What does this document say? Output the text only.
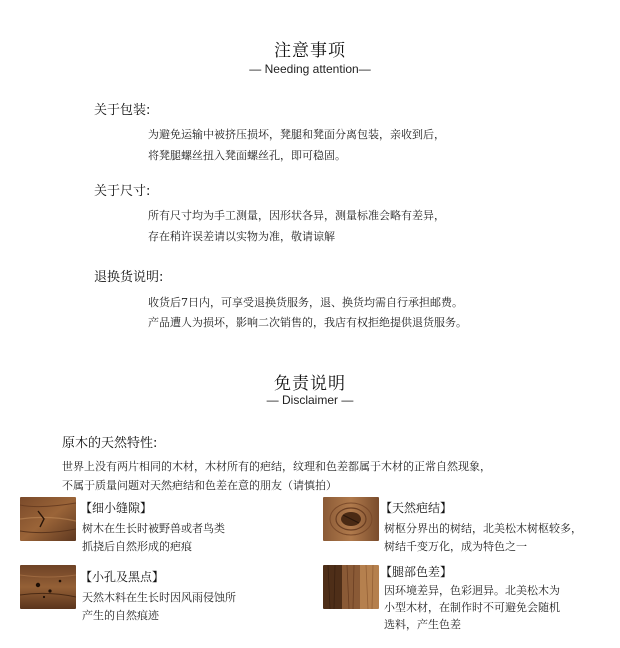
注意事项
— Needing attention—
关于包装:
为避免运输中被挤压损坏，凳腿和凳面分离包装，亲收到后，
将凳腿螺丝扭入凳面螺丝孔，即可稳固。
关于尺寸:
所有尺寸均为手工测量，因形状各异，测量标准会略有差异，
存在稍许误差请以实物为准，敬请谅解
退换货说明:
收货后7日内，可享受退换货服务，退、换货均需自行承担邮费。
产品遭人为损坏，影响二次销售的，我店有权拒绝提供退货服务。
免责说明
— Disclaimer —
原木的天然特性:
世界上没有两片相同的木材，木材所有的疤结，纹理和色差都属于木材的正常自然现象，
不属于质量问题对天然疤结和色差在意的朋友（请慎拍）
【细小缝隙】
树木在生长时被野兽或者鸟类
抓挠后自然形成的疤痕
【天然疤结】
树枢分界出的树结，北美松木树枢较多，
树结千变万化，成为特色之一
【小孔及黑点】
天然木料在生长时因风雨侵蚀所
产生的自然痕迹
【腿部色差】
因环境差异，色彩迥异。北美松木为
小型木材，在制作时不可避免会随机
选料，产生色差
